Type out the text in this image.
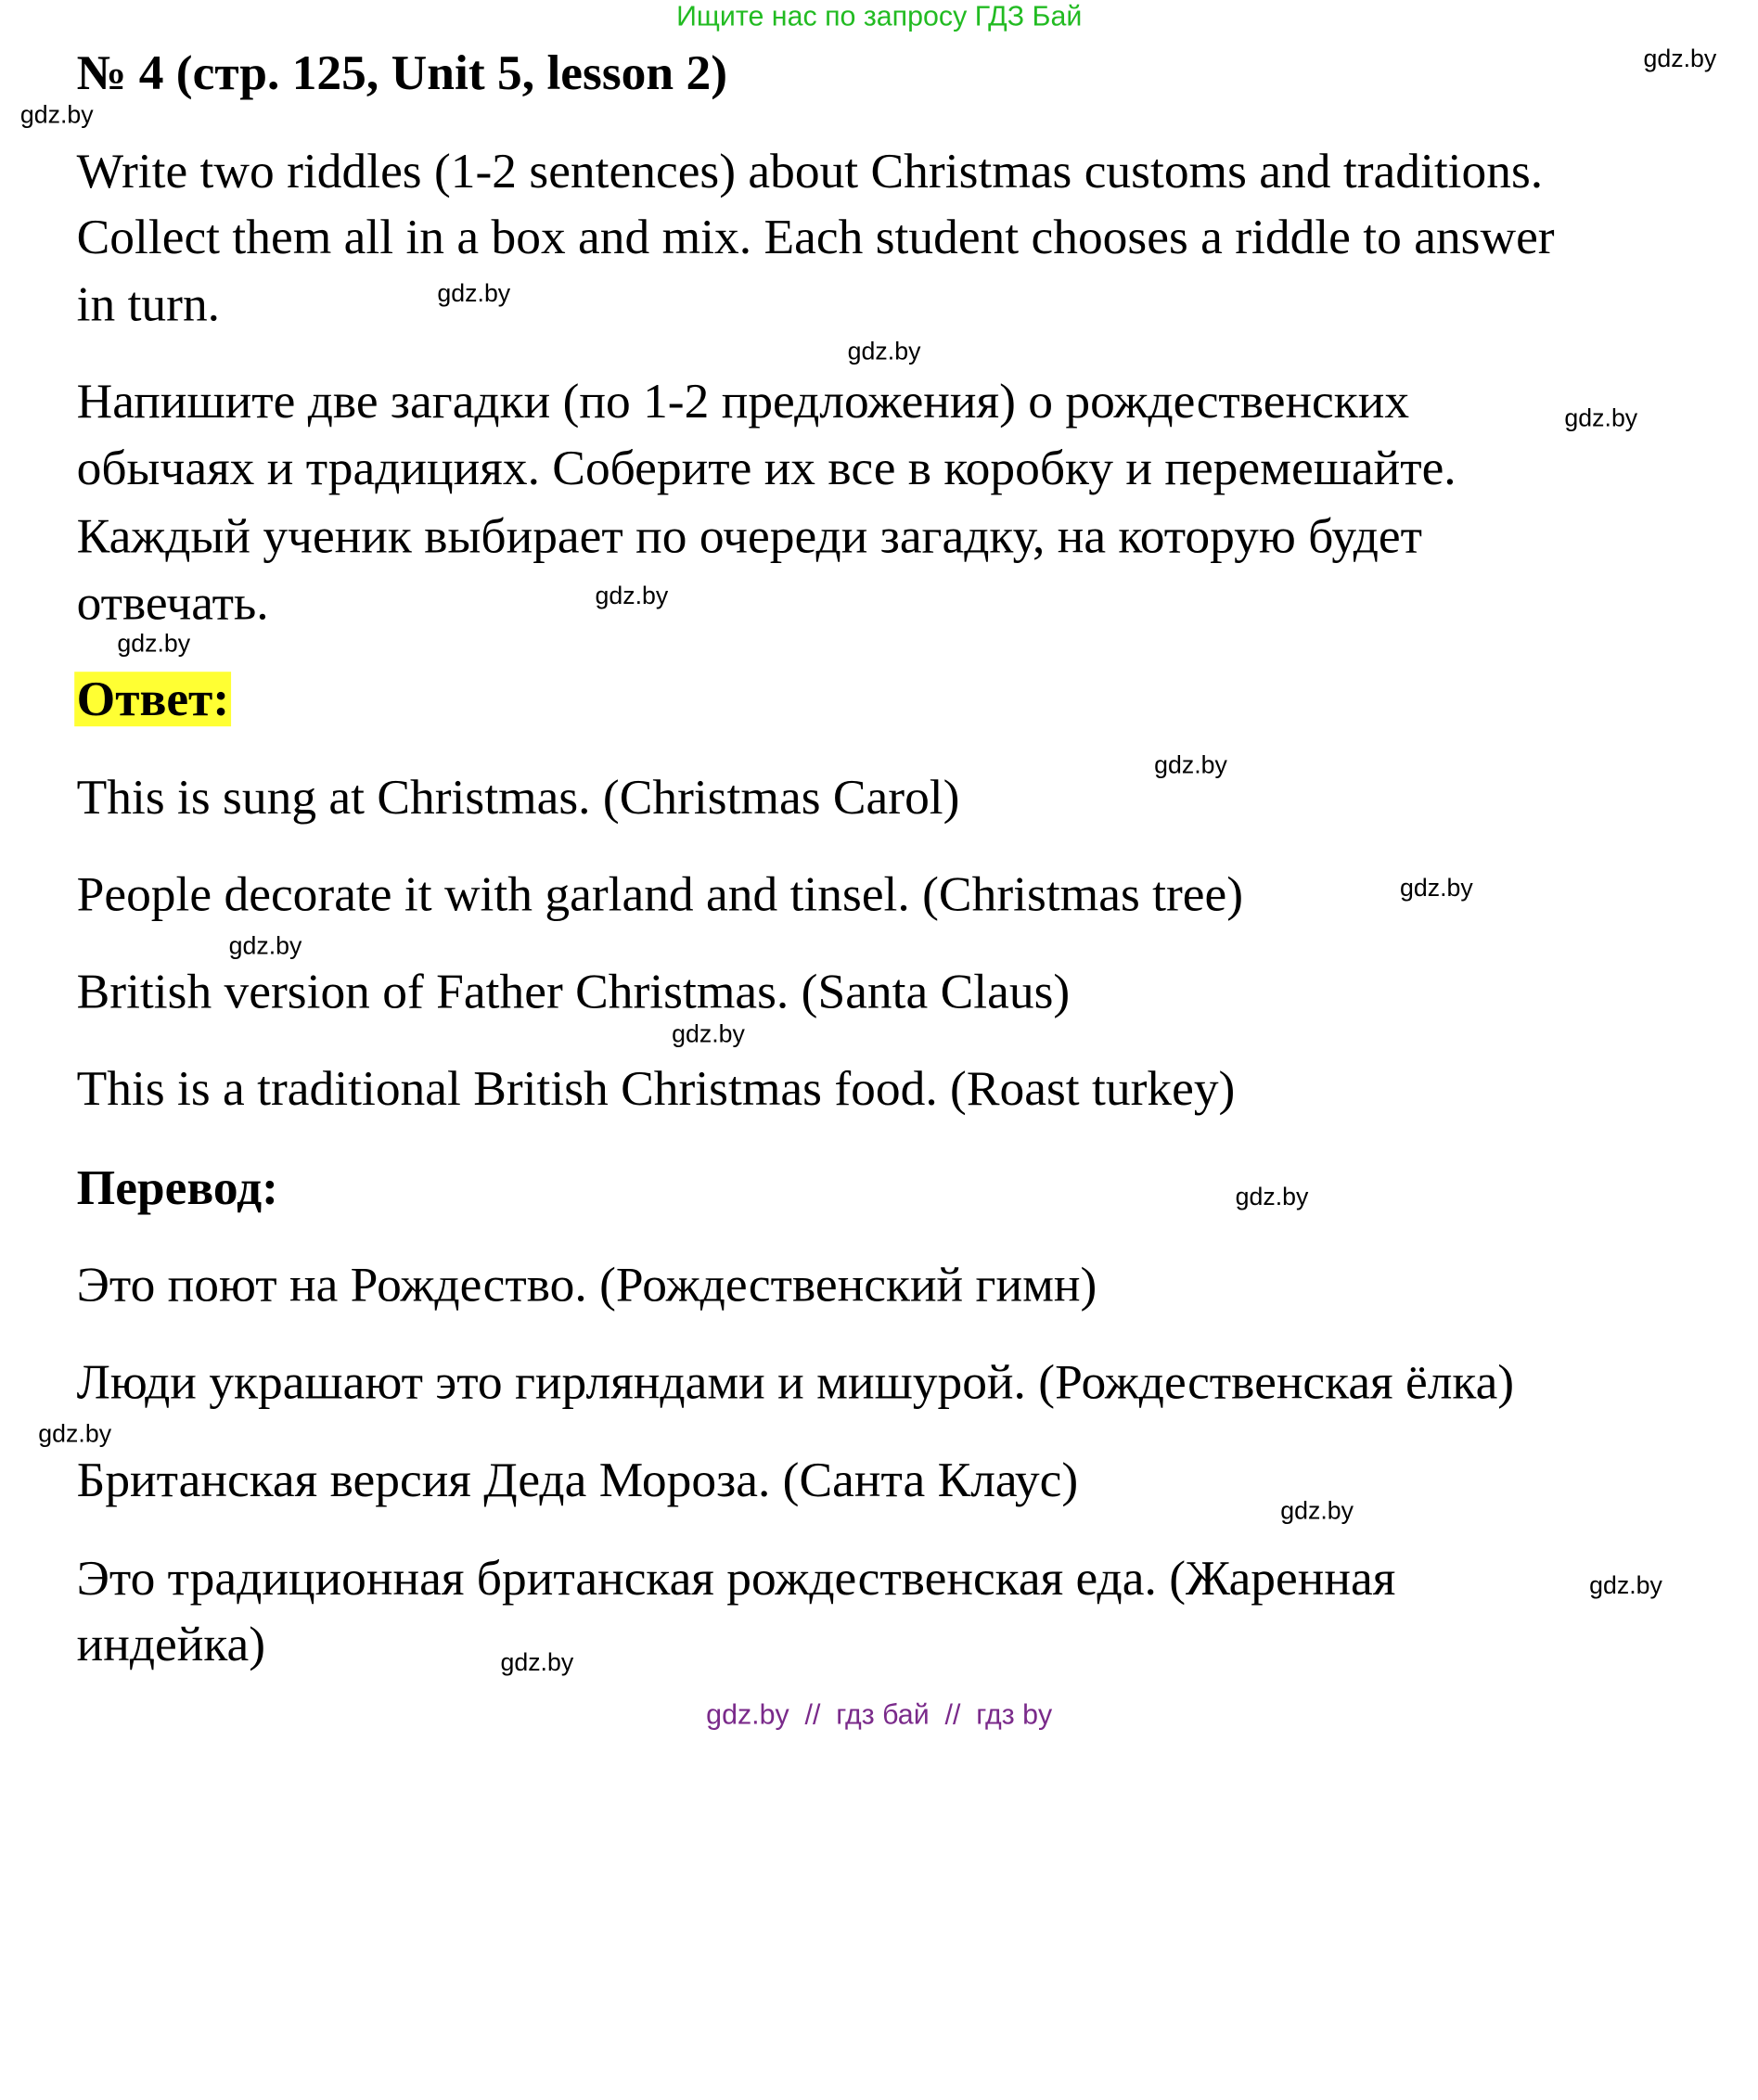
Ищите нас по запросу ГДЗ Бай
№ 4 (стр. 125, Unit 5, lesson 2)
Write two riddles (1-2 sentences) about Christmas customs and traditions.
Collect them all in a box and mix. Each student chooses a riddle to answer
in turn.
Напишите две загадки (по 1-2 предложения) о рождественских
обычаях и традициях. Соберите их все в коробку и перемешайте.
Каждый ученик выбирает по очереди загадку, на которую будет
отвечать.
Ответ:
This is sung at Christmas. (Christmas Carol)
People decorate it with garland and tinsel. (Christmas tree)
British version of Father Christmas. (Santa Claus)
This is a traditional British Christmas food. (Roast turkey)
Перевод:
Это поют на Рождество. (Рождественский гимн)
Люди украшают это гирляндами и мишурой. (Рождественская ёлка)
Британская версия Деда Мороза. (Санта Клаус)
Это традиционная британская рождественская еда. (Жаренная
индейка)
gdz.by
gdz.by
gdz.by
gdz.by
gdz.by
gdz.by
gdz.by
gdz.by
gdz.by
gdz.by
gdz.by
gdz.by
gdz.by
gdz.by
gdz.by
gdz.by
gdz.by  //  гдз бай  //  гдз by
